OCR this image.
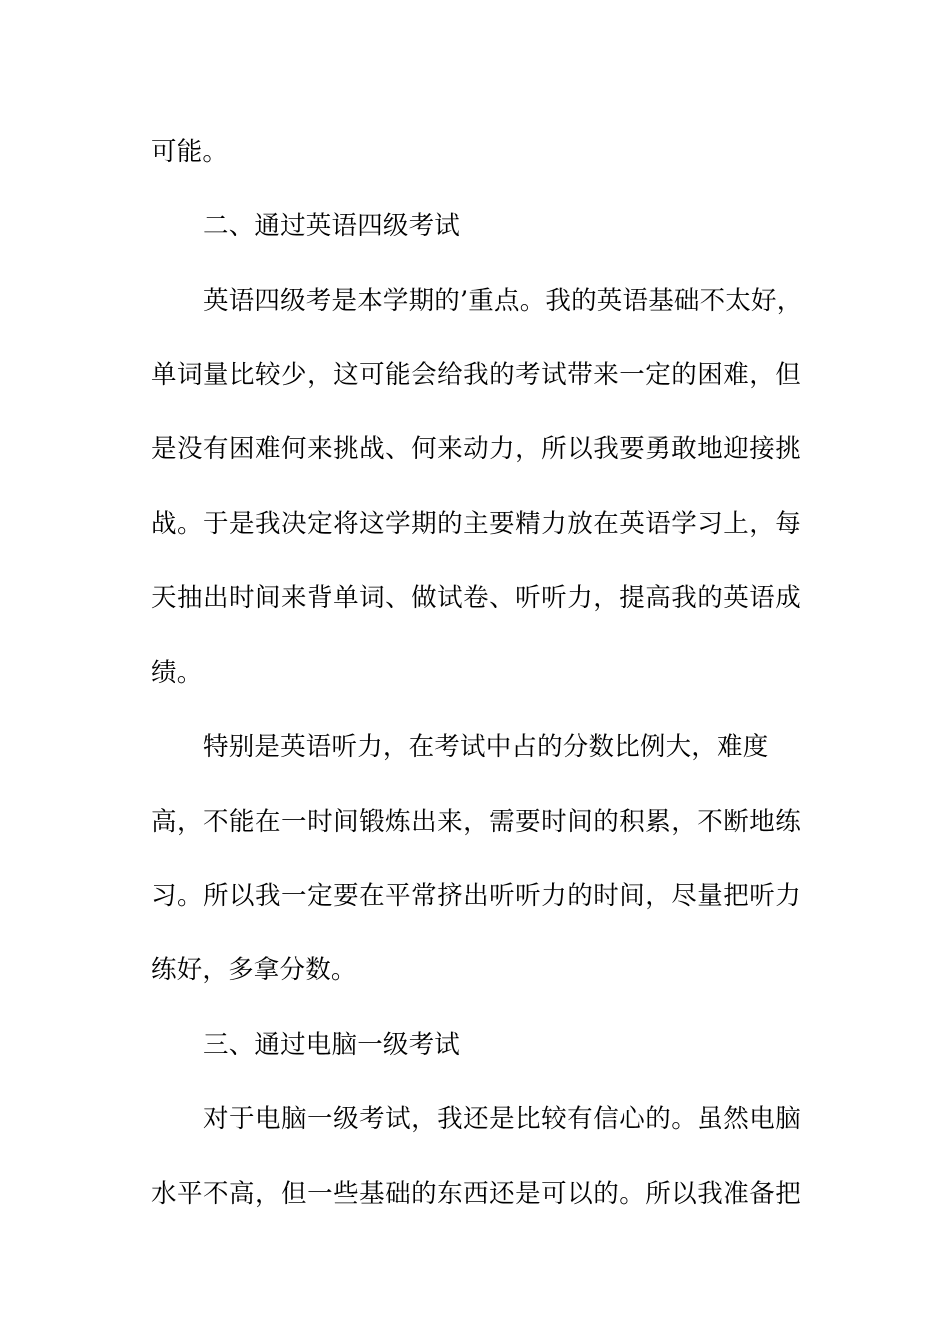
可能。
二、通过英语四级考试
英语四级考是本学期的’重点。我的英语基础不太好，
单词量比较少，这可能会给我的考试带来一定的困难，但
是没有困难何来挑战、何来动力，所以我要勇敢地迎接挑
战。于是我决定将这学期的主要精力放在英语学习上，每
天抽出时间来背单词、做试卷、听听力，提高我的英语成
绩。
特别是英语听力，在考试中占的分数比例大，难度
高，不能在一时间锻炼出来，需要时间的积累，不断地练
习。所以我一定要在平常挤出听听力的时间，尽量把听力
练好，多拿分数。
三、通过电脑一级考试
对于电脑一级考试，我还是比较有信心的。虽然电脑
水平不高，但一些基础的东西还是可以的。所以我准备把
